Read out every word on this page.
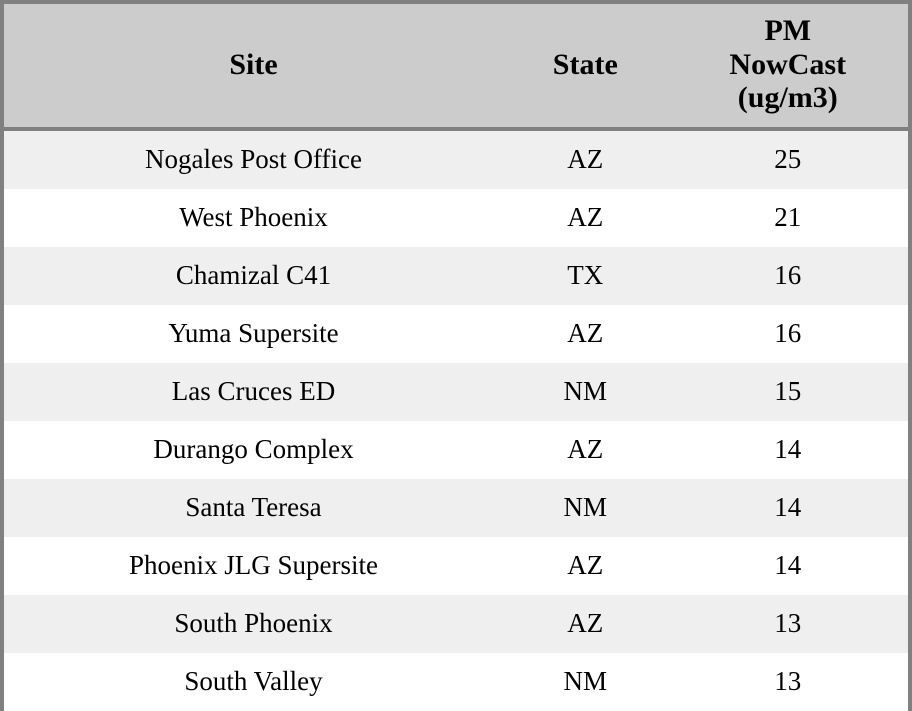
Site	State	PM
NowCast
(ug/m3)

Nogales Post Office	AZ	25
West Phoenix	AZ	21
Chamizal C41	TX	16
Yuma Supersite	AZ	16
Las Cruces ED	NM	15
Durango Complex	AZ	14
Santa Teresa	NM	14
Phoenix JLG Supersite	AZ	14
South Phoenix	AZ	13
South Valley	NM	13
